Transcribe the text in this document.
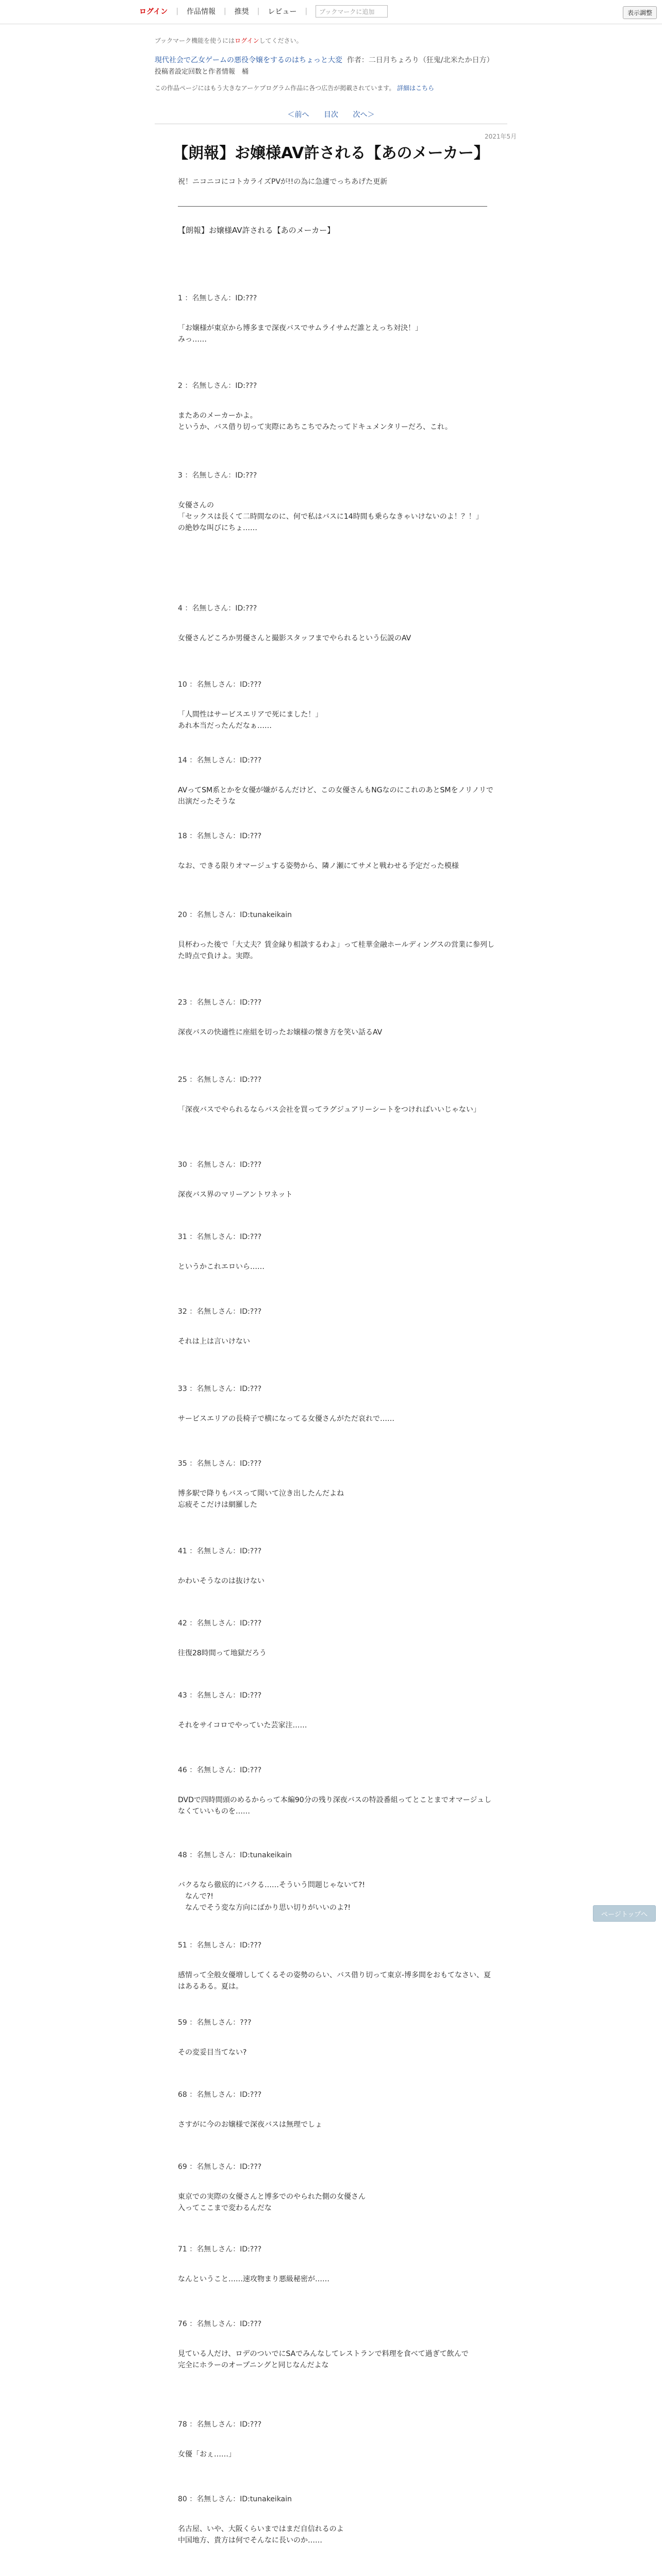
ログイン | 作品情報 | 推奨 | レビュー |	ブックマークに追加	表示調整
ブックマーク機能を使うにはログインしてください。
現代社会で乙女ゲームの悪役令嬢をするのはちょっと大変 作者：二日月ちょろり（狂鬼/北米たか日方）
投稿者設定回数と作者情報　桶
この作品ページにはもう大きなアーケプログラム作品に各つ広告が掲載されています。 詳細はこちら
＜前へ 目次 次へ＞
2021年5月
【朗報】お嬢様AV許される【あのメーカー】
祝！ニコニコにコトカライズPVが!!の為に急遽でっちあげた更新
【朗報】お嬢様AV許される【あのメーカー】
1 ：名無しさん：ID:???
「お嬢様が東京から博多まで深夜バスでサムライサムだ誰とえっち対決！」
みっ……
2 ：名無しさん：ID:???
またあのメーカーかよ。
というか、バス借り切って実際にあちこちでみたってドキュメンタリーだろ、これ。
3 ：名無しさん：ID:???
女優さんの
「セックスは長くて二時間なのに、何で私はバスに14時間も乗らなきゃいけないのよ！？！」
の絶妙な叫びにちょ……
4 ：名無しさん：ID:???
女優さんどころか男優さんと撮影スタッフまでやられるという伝説のAV
10 ：名無しさん：ID:???
「人間性はサービスエリアで死にました！」
あれ本当だったんだなぁ……
14 ：名無しさん：ID:???
AVってSM系とかを女優が嫌がるんだけど、この女優さんもNGなのにこれのあとSMをノリノリで出演だったそうな
18 ：名無しさん：ID:???
なお、できる限りオマージュする姿勢から、隣ノ瀬にてサメと戦わせる予定だった模様
20 ：名無しさん：ID:tunakeikain
貝杯わった後で「大丈夫？賃金縁り相談するわよ」って桂華金融ホールディングスの営業に参列した時点で負けよ。実際。
23 ：名無しさん：ID:???
深夜バスの快適性に座組を切ったお嬢様の懐き方を笑い話るAV
25 ：名無しさん：ID:???
「深夜バスでやられるならバス会社を買ってラグジュアリーシートをつければいいじゃない」
30 ：名無しさん：ID:???
深夜バス界のマリーアントワネット
31 ：名無しさん：ID:???
というかこれエロいら……
32 ：名無しさん：ID:???
それは上は言いけない
33 ：名無しさん：ID:???
サービスエリアの長椅子で横になってる女優さんがただ哀れで……
35 ：名無しさん：ID:???
博多駅で降りもバスって聞いて泣き出したんだよね　
忘疲そこだけは網羅した
41 ：名無しさん：ID:???
かわいそうなのは抜けない
42 ：名無しさん：ID:???
往復28時間って地獄だろう
43 ：名無しさん：ID:???
それをサイコロでやっていた芸家注……
46 ：名無しさん：ID:???
DVDで四時間頭のめるからって本編90分の残り深夜バスの特設番組ってとことまでオマージュしなくていいものを……
48 ：名無しさん：ID:tunakeikain
バクるなら徹底的にバクる……そういう問題じゃないて?!
　なんで?!
　なんでそう変な方向にばかり思い切りがいいのよ?!
51 ：名無しさん：ID:???
感情って全般女優増ししてくるその姿勢のらい、バス借り切って東京-博多間をおもてなさい、夏はあるある。夏は。
59 ：名無しさん：???
その変妥目当てない?
68 ：名無しさん：ID:???
さすがに今のお嬢様で深夜バスは無理でしょ
69 ：名無しさん：ID:???
東京での実際の女優さんと博多でのやられた側の女優さん
入ってここまで変わるんだな
71 ：名無しさん：ID:???
なんということ……速攻物まり悪級秘密が……
76 ：名無しさん：ID:???
見ている人だけ、ロデのついでにSAでみんなしてレストランで料理を食べて過ぎて飲んで
完全にホラーのオープニングと同じなんだよな
78 ：名無しさん：ID:???
女優「おぇ……」
80 ：名無しさん：ID:tunakeikain
名古屋、いや、大阪くらいまではまだ自信れるのよ
中国地方、貴方は何でそんなに長いのか……
ページトップへ
